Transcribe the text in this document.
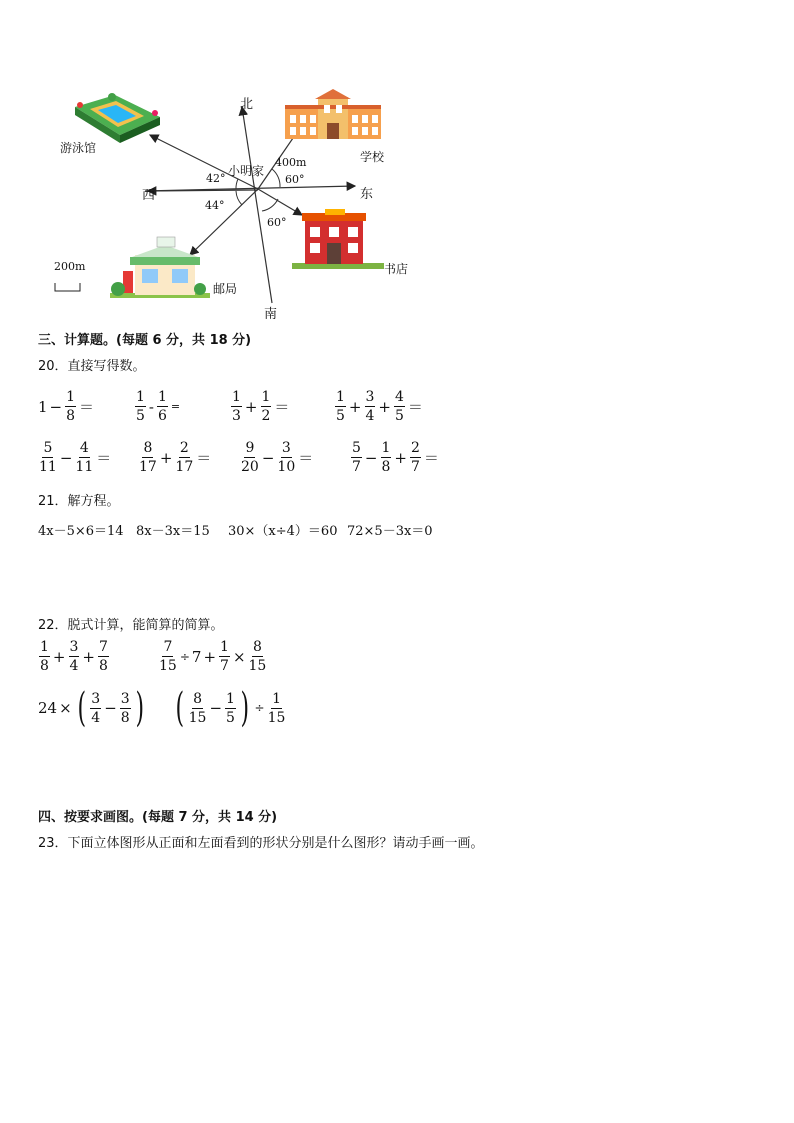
北
南
东
西
小明家
游泳馆
学校
书店
邮局
400m
42°	60°
44°
60°
200m
三、计算题。(每题 6 分，共 18 分)
20．直接写得数。
$1 - \frac{1}{8}$ ＝	$\frac{1}{5} - \frac{1}{6}$ =	$\frac{1}{3} + \frac{1}{2}$ ＝	$\frac{1}{5} + \frac{3}{4} + \frac{4}{5}$ ＝
$\frac{5}{11} - \frac{4}{11} = \frac{8}{17} + \frac{2}{17} = \frac{9}{20} - \frac{3}{10}$ ＝	$\frac{5}{7} - \frac{1}{8} + \frac{2}{7}$ ＝
21．解方程。
4x－5×6＝14 8x－3x＝15 30×（x÷4）＝60 72×5－3x＝0
22．脱式计算，能简算的简算。
$\frac{1}{8} + \frac{3}{4} + \frac{7}{8}$	$\frac{7}{15} \div 7 + \frac{1}{7} \times \frac{8}{15}$
24 × ( $\frac{3}{4} - \frac{3}{8}$ ) ( $\frac{8}{15} - \frac{1}{5}$ ) ÷ $\frac{1}{15}$
四、按要求画图。(每题 7 分，共 14 分)
23．下面立体图形从正面和左面看到的形状分别是什么图形？请动手画一画。
